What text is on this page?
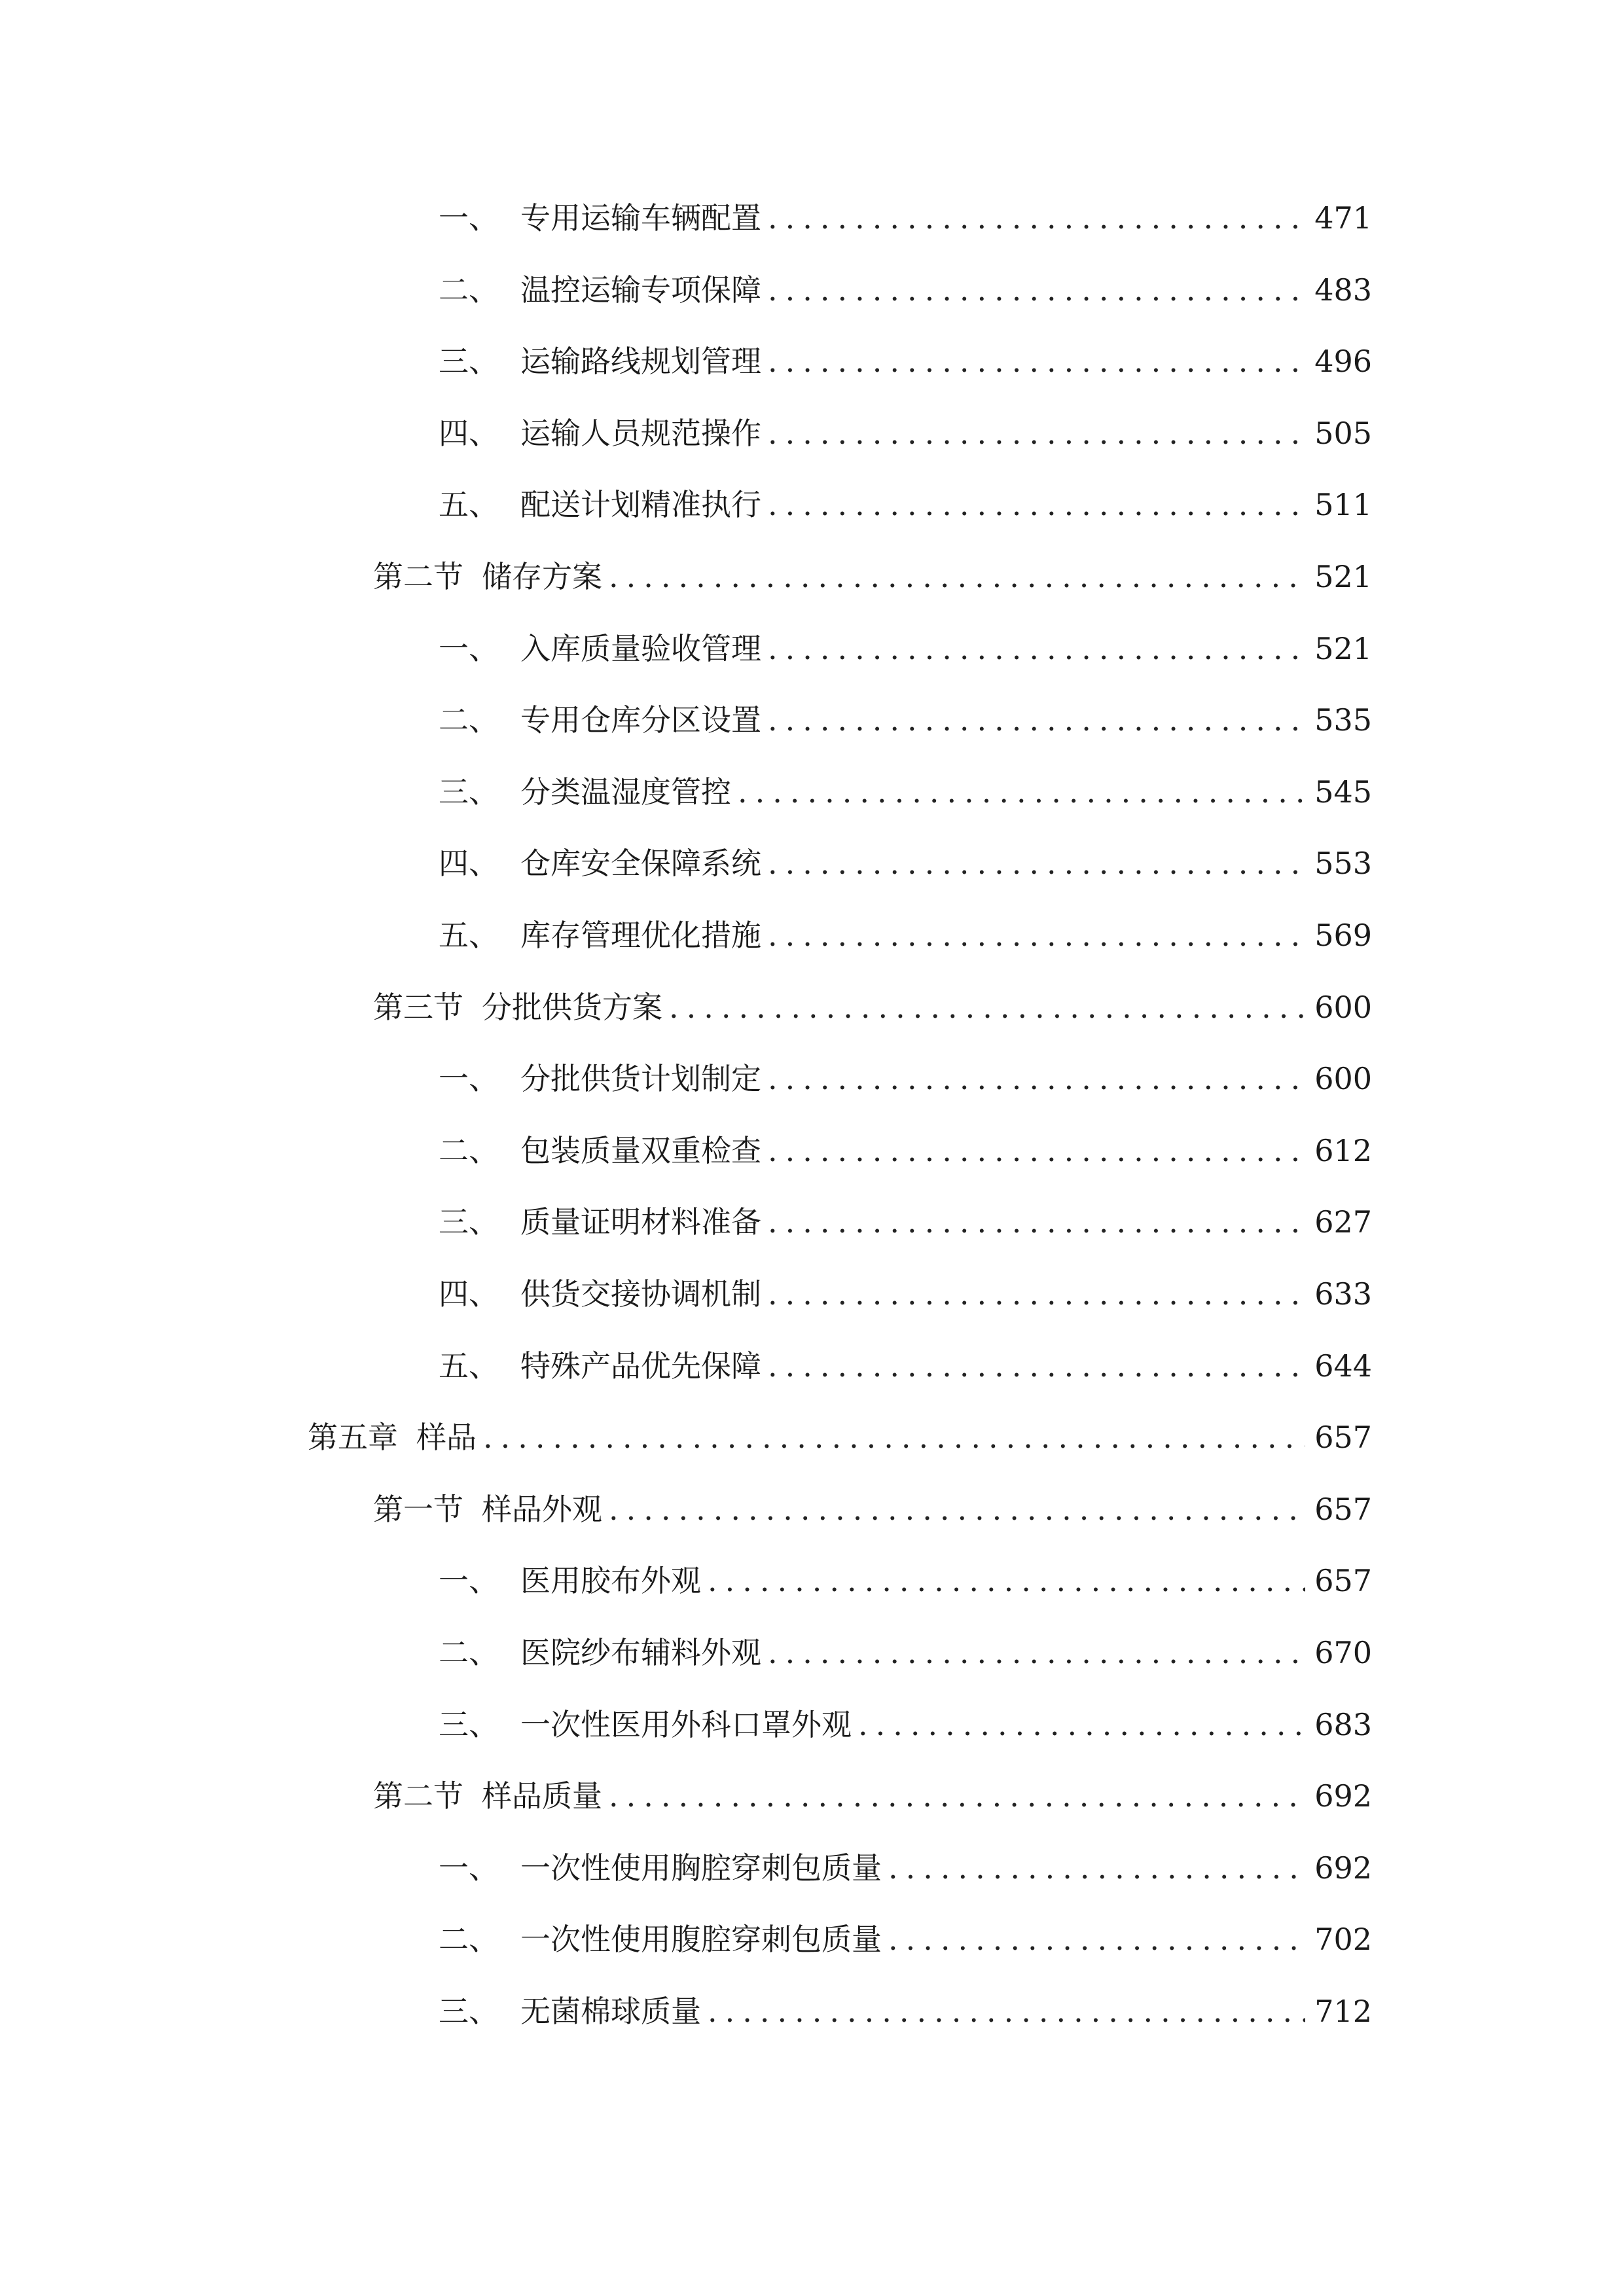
一、 专用运输车辆配置 .....	471
二、 温控运输专项保障 .....	483
三、 运输路线规划管理 .....	496
四、 运输人员规范操作 .....	505
五、 配送计划精准执行 .....	511
第二节 储存方案 .....	521
一、 入库质量验收管理 .....	521
二、 专用仓库分区设置 .....	535
三、 分类温湿度管控 .....	545
四、 仓库安全保障系统 .....	553
五、 库存管理优化措施 .....	569
第三节 分批供货方案 .....	600
一、 分批供货计划制定 .....	600
二、 包装质量双重检查 .....	612
三、 质量证明材料准备 .....	627
四、 供货交接协调机制 .....	633
五、 特殊产品优先保障 .....	644
第五章 样品 .....	657
第一节 样品外观 .....	657
一、 医用胶布外观 .....	657
二、 医院纱布辅料外观 .....	670
三、 一次性医用外科口罩外观 .....	683
第二节 样品质量 .....	692
一、 一次性使用胸腔穿刺包质量 .....	692
二、 一次性使用腹腔穿刺包质量 .....	702
三、 无菌棉球质量 .....	712
